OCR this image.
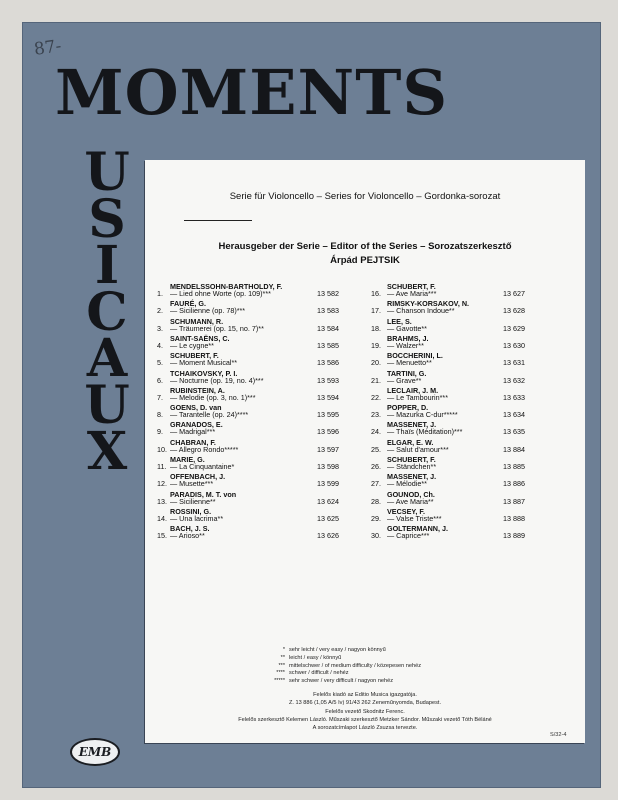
87-
MOMENTS
U
S
I
C
A
U
X
Serie für Violoncello – Series for Violoncello – Gordonka-sorozat
Herausgeber der Serie – Editor of the Series – Sorozatszerkesztő
Árpád PEJTSIK
MENDELSSOHN-BARTHOLDY, F.
1. — Lied ohne Worte (op. 109)***	13 582
FAURÉ, G.
2. — Sicilienne (op. 78)***	13 583
SCHUMANN, R.
3. — Träumerei (op. 15, no. 7)**	13 584
SAINT-SAËNS, C.
4. — Le cygne**	13 585
SCHUBERT, F.
5. — Moment Musical**	13 586
TCHAIKOVSKY, P. I.
6. — Nocturne (op. 19, no. 4)***	13 593
RUBINSTEIN, A.
7. — Melodie (op. 3, no. 1)***	13 594
GOENS, D. van
8. — Tarantelle (op. 24)****	13 595
GRANADOS, E.
9. — Madrigal***	13 596
CHABRAN, F.
10. — Allegro Rondo*****	13 597
MARIE, G.
11. — La Cinquantaine*	13 598
OFFENBACH, J.
12. — Musette***	13 599
PARADIS, M. T. von
13. — Sicilienne**	13 624
ROSSINI, G.
14. — Una lacrima**	13 625
BACH, J. S.
15. — Arioso**	13 626
SCHUBERT, F.
16. — Ave Maria***	13 627
RIMSKY-KORSAKOV, N.
17. — Chanson Indoue**	13 628
LEE, S.
18. — Gavotte**	13 629
BRAHMS, J.
19. — Walzer**	13 630
BOCCHERINI, L.
20. — Menuetto**	13 631
TARTINI, G.
21. — Grave**	13 632
LECLAIR, J. M.
22. — Le Tambourin***	13 633
POPPER, D.
23. — Mazurka C-dur*****	13 634
MASSENET, J.
24. — Thaïs (Méditation)***	13 635
ELGAR, E. W.
25. — Salut d'amour***	13 884
SCHUBERT, F.
26. — Ständchen**	13 885
MASSENET, J.
27. — Mélodie**	13 886
GOUNOD, Ch.
28. — Ave Maria**	13 887
VECSEY, F.
29. — Valse Triste***	13 888
GOLTERMANN, J.
30. — Caprice***	13 889
* sehr leicht / very easy / nagyon könnyű
** leicht / easy / könnyű
*** mittelschwer / of medium difficulty / közepesen nehéz
**** schwer / difficult / nehéz
***** sehr schwer / very difficult / nagyon nehéz
Felelős kiadó az Editio Musica igazgatója.
Z. 13 886 (1,05 A/5 Iv) 91/43 262 Zeneműnyomda, Budapest.
Felelős vezető Skodnitz Ferenc.
Felelős szerkesztő Kelemen László. Műszaki szerkesztő Metzker Sándor. Műszaki vezető Tóth Béláné
A sorozatcímlapot László Zsuzsa tervezte.
S/32-4
EMB
